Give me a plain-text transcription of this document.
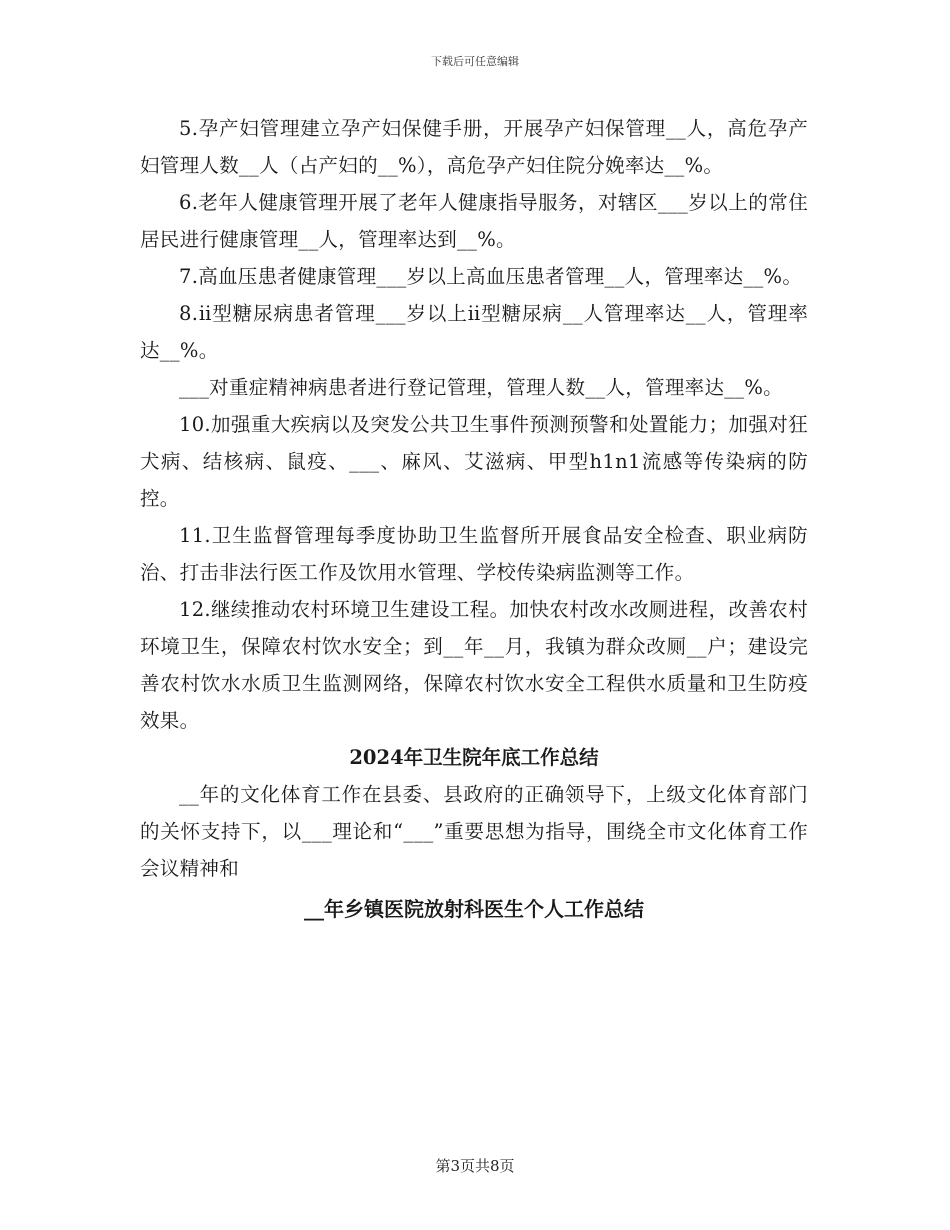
下载后可任意编辑

5.孕产妇管理建立孕产妇保健手册，开展孕产妇保管理__人，高危孕产妇管理人数__人（占产妇的__%），高危孕产妇住院分娩率达__%。

6.老年人健康管理开展了老年人健康指导服务，对辖区___岁以上的常住居民进行健康管理__人，管理率达到__%。

7.高血压患者健康管理___岁以上高血压患者管理__人，管理率达__%。

8.ⅱ型糖尿病患者管理___岁以上ⅱ型糖尿病__人管理率达__人，管理率达__%。

___对重症精神病患者进行登记管理，管理人数__人，管理率达__%。

10.加强重大疾病以及突发公共卫生事件预测预警和处置能力；加强对狂犬病、结核病、鼠疫、___、麻风、艾滋病、甲型h1n1流感等传染病的防控。

11.卫生监督管理每季度协助卫生监督所开展食品安全检查、职业病防治、打击非法行医工作及饮用水管理、学校传染病监测等工作。

12.继续推动农村环境卫生建设工程。加快农村改水改厕进程，改善农村环境卫生，保障农村饮水安全；到__年__月，我镇为群众改厕__户；建设完善农村饮水水质卫生监测网络，保障农村饮水安全工程供水质量和卫生防疫效果。

2024年卫生院年底工作总结

__年的文化体育工作在县委、县政府的正确领导下，上级文化体育部门的关怀支持下，以___理论和“___”重要思想为指导，围绕全市文化体育工作会议精神和

__年乡镇医院放射科医生个人工作总结
第3页共8页
